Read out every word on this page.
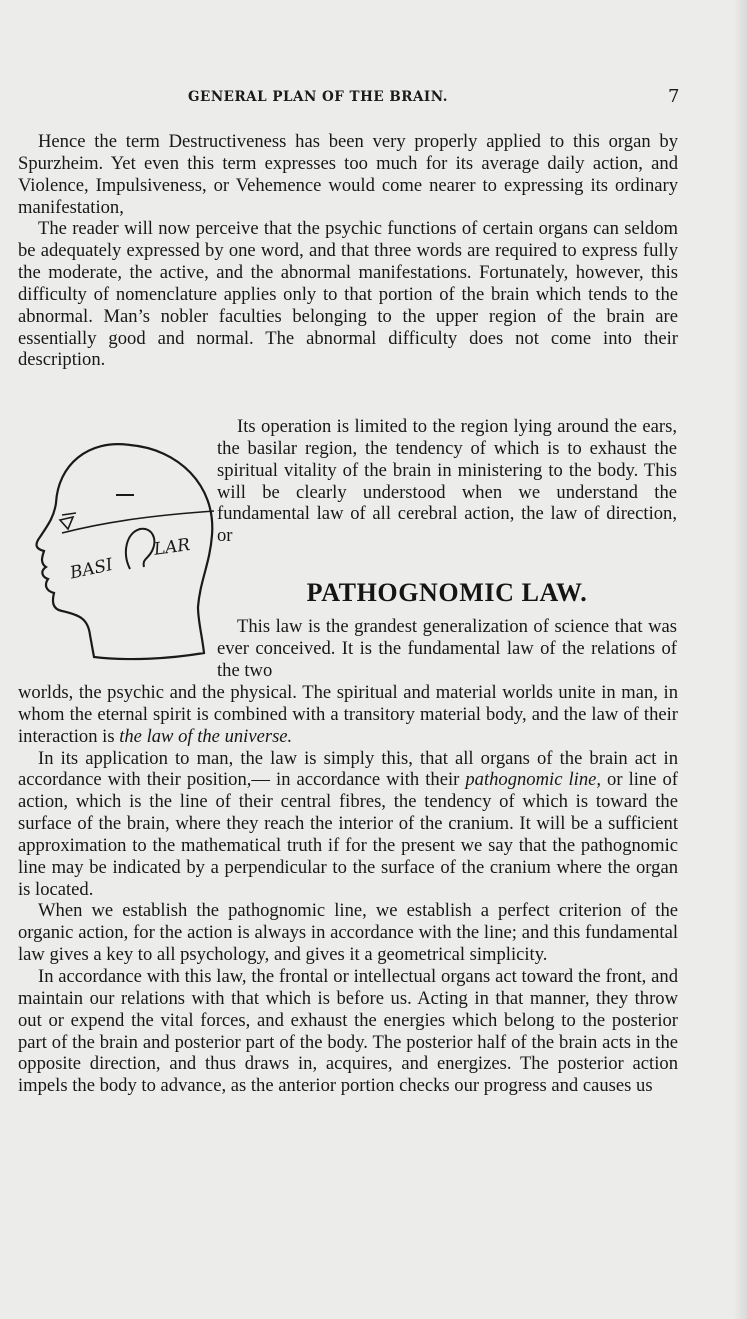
GENERAL PLAN OF THE BRAIN.	7

Hence the term Destructiveness has been very properly applied to this organ by Spurzheim. Yet even this term expresses too much for its average daily action, and Violence, Impulsiveness, or Vehemence would come nearer to expressing its ordinary manifestation,

The reader will now perceive that the psychic functions of certain organs can seldom be adequately expressed by one word, and that three words are required to express fully the moderate, the active, and the abnormal manifestations. Fortunately, however, this difficulty of nomenclature applies only to that portion of the brain which tends to the abnormal. Man’s nobler faculties belonging to the upper region of the brain are essentially good and normal. The abnormal difficulty does not come into their description.

BASI
LAR

Its operation is limited to the region lying around the ears, the basilar region, the tendency of which is to exhaust the spiritual vitality of the brain in ministering to the body. This will be clearly understood when we understand the fundamental law of all cerebral action, the law of direction, or

PATHOGNOMIC LAW.

This law is the grandest generalization of science that was ever conceived. It is the fundamental law of the relations of the two

worlds, the psychic and the physical. The spiritual and material worlds unite in man, in whom the eternal spirit is combined with a transitory material body, and the law of their interaction is the law of the universe.

In its application to man, the law is simply this, that all organs of the brain act in accordance with their position,— in accordance with their pathognomic line, or line of action, which is the line of their central fibres, the tendency of which is toward the surface of the brain, where they reach the interior of the cranium. It will be a sufficient approximation to the mathematical truth if for the present we say that the pathognomic line may be indicated by a perpendicular to the surface of the cranium where the organ is located.

When we establish the pathognomic line, we establish a perfect criterion of the organic action, for the action is always in accordance with the line; and this fundamental law gives a key to all psychology, and gives it a geometrical simplicity.

In accordance with this law, the frontal or intellectual organs act toward the front, and maintain our relations with that which is before us. Acting in that manner, they throw out or expend the vital forces, and exhaust the energies which belong to the posterior part of the brain and posterior part of the body. The posterior half of the brain acts in the opposite direction, and thus draws in, acquires, and energizes. The posterior action impels the body to advance, as the anterior portion checks our progress and causes us
